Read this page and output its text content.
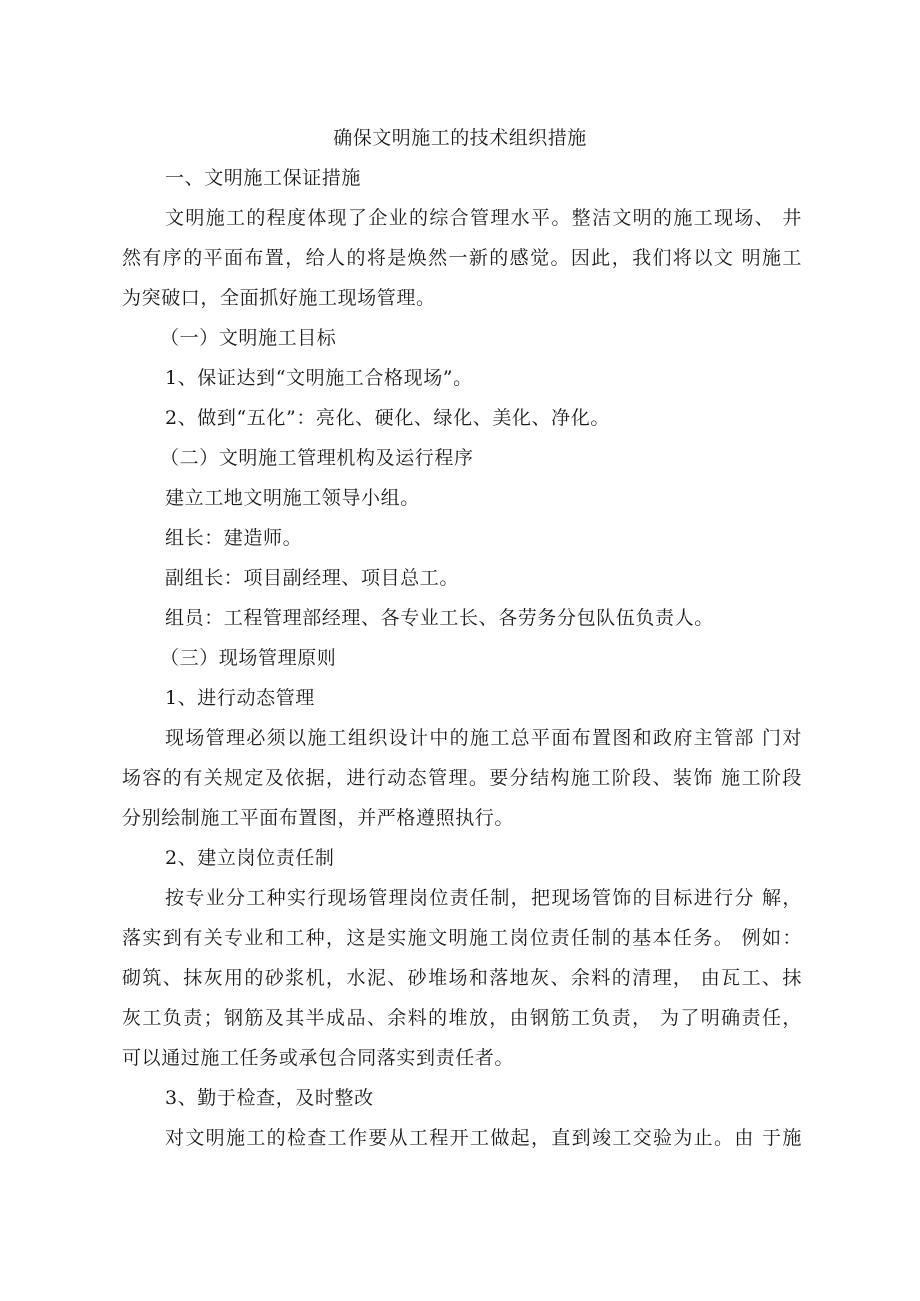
确保文明施工的技术组织措施
一、文明施工保证措施
文明施工的程度体现了企业的综合管理水平。整洁文明的施工现场、 井
然有序的平面布置，给人的将是焕然一新的感觉。因此，我们将以文 明施工
为突破口，全面抓好施工现场管理。
（一）文明施工目标
1、保证达到“文明施工合格现场”。
2、做到“五化”：亮化、硬化、绿化、美化、净化。
（二）文明施工管理机构及运行程序
建立工地文明施工领导小组。
组长：建造师。
副组长：项目副经理、项目总工。
组员：工程管理部经理、各专业工长、各劳务分包队伍负责人。
（三）现场管理原则
1、进行动态管理
现场管理必须以施工组织设计中的施工总平面布置图和政府主管部 门对
场容的有关规定及依据，进行动态管理。要分结构施工阶段、装饰 施工阶段
分别绘制施工平面布置图，并严格遵照执行。
2、建立岗位责任制
按专业分工种实行现场管理岗位责任制，把现场管饰的目标进行分 解，
落实到有关专业和工种，这是实施文明施工岗位责任制的基本任务。 例如：
砌筑、抹灰用的砂浆机，水泥、砂堆场和落地灰、余料的清理， 由瓦工、抹
灰工负责；钢筋及其半成品、余料的堆放，由钢筋工负责， 为了明确责任，
可以通过施工任务或承包合同落实到责任者。
3、勤于检查，及时整改
对文明施工的检查工作要从工程开工做起，直到竣工交验为止。由 于施
